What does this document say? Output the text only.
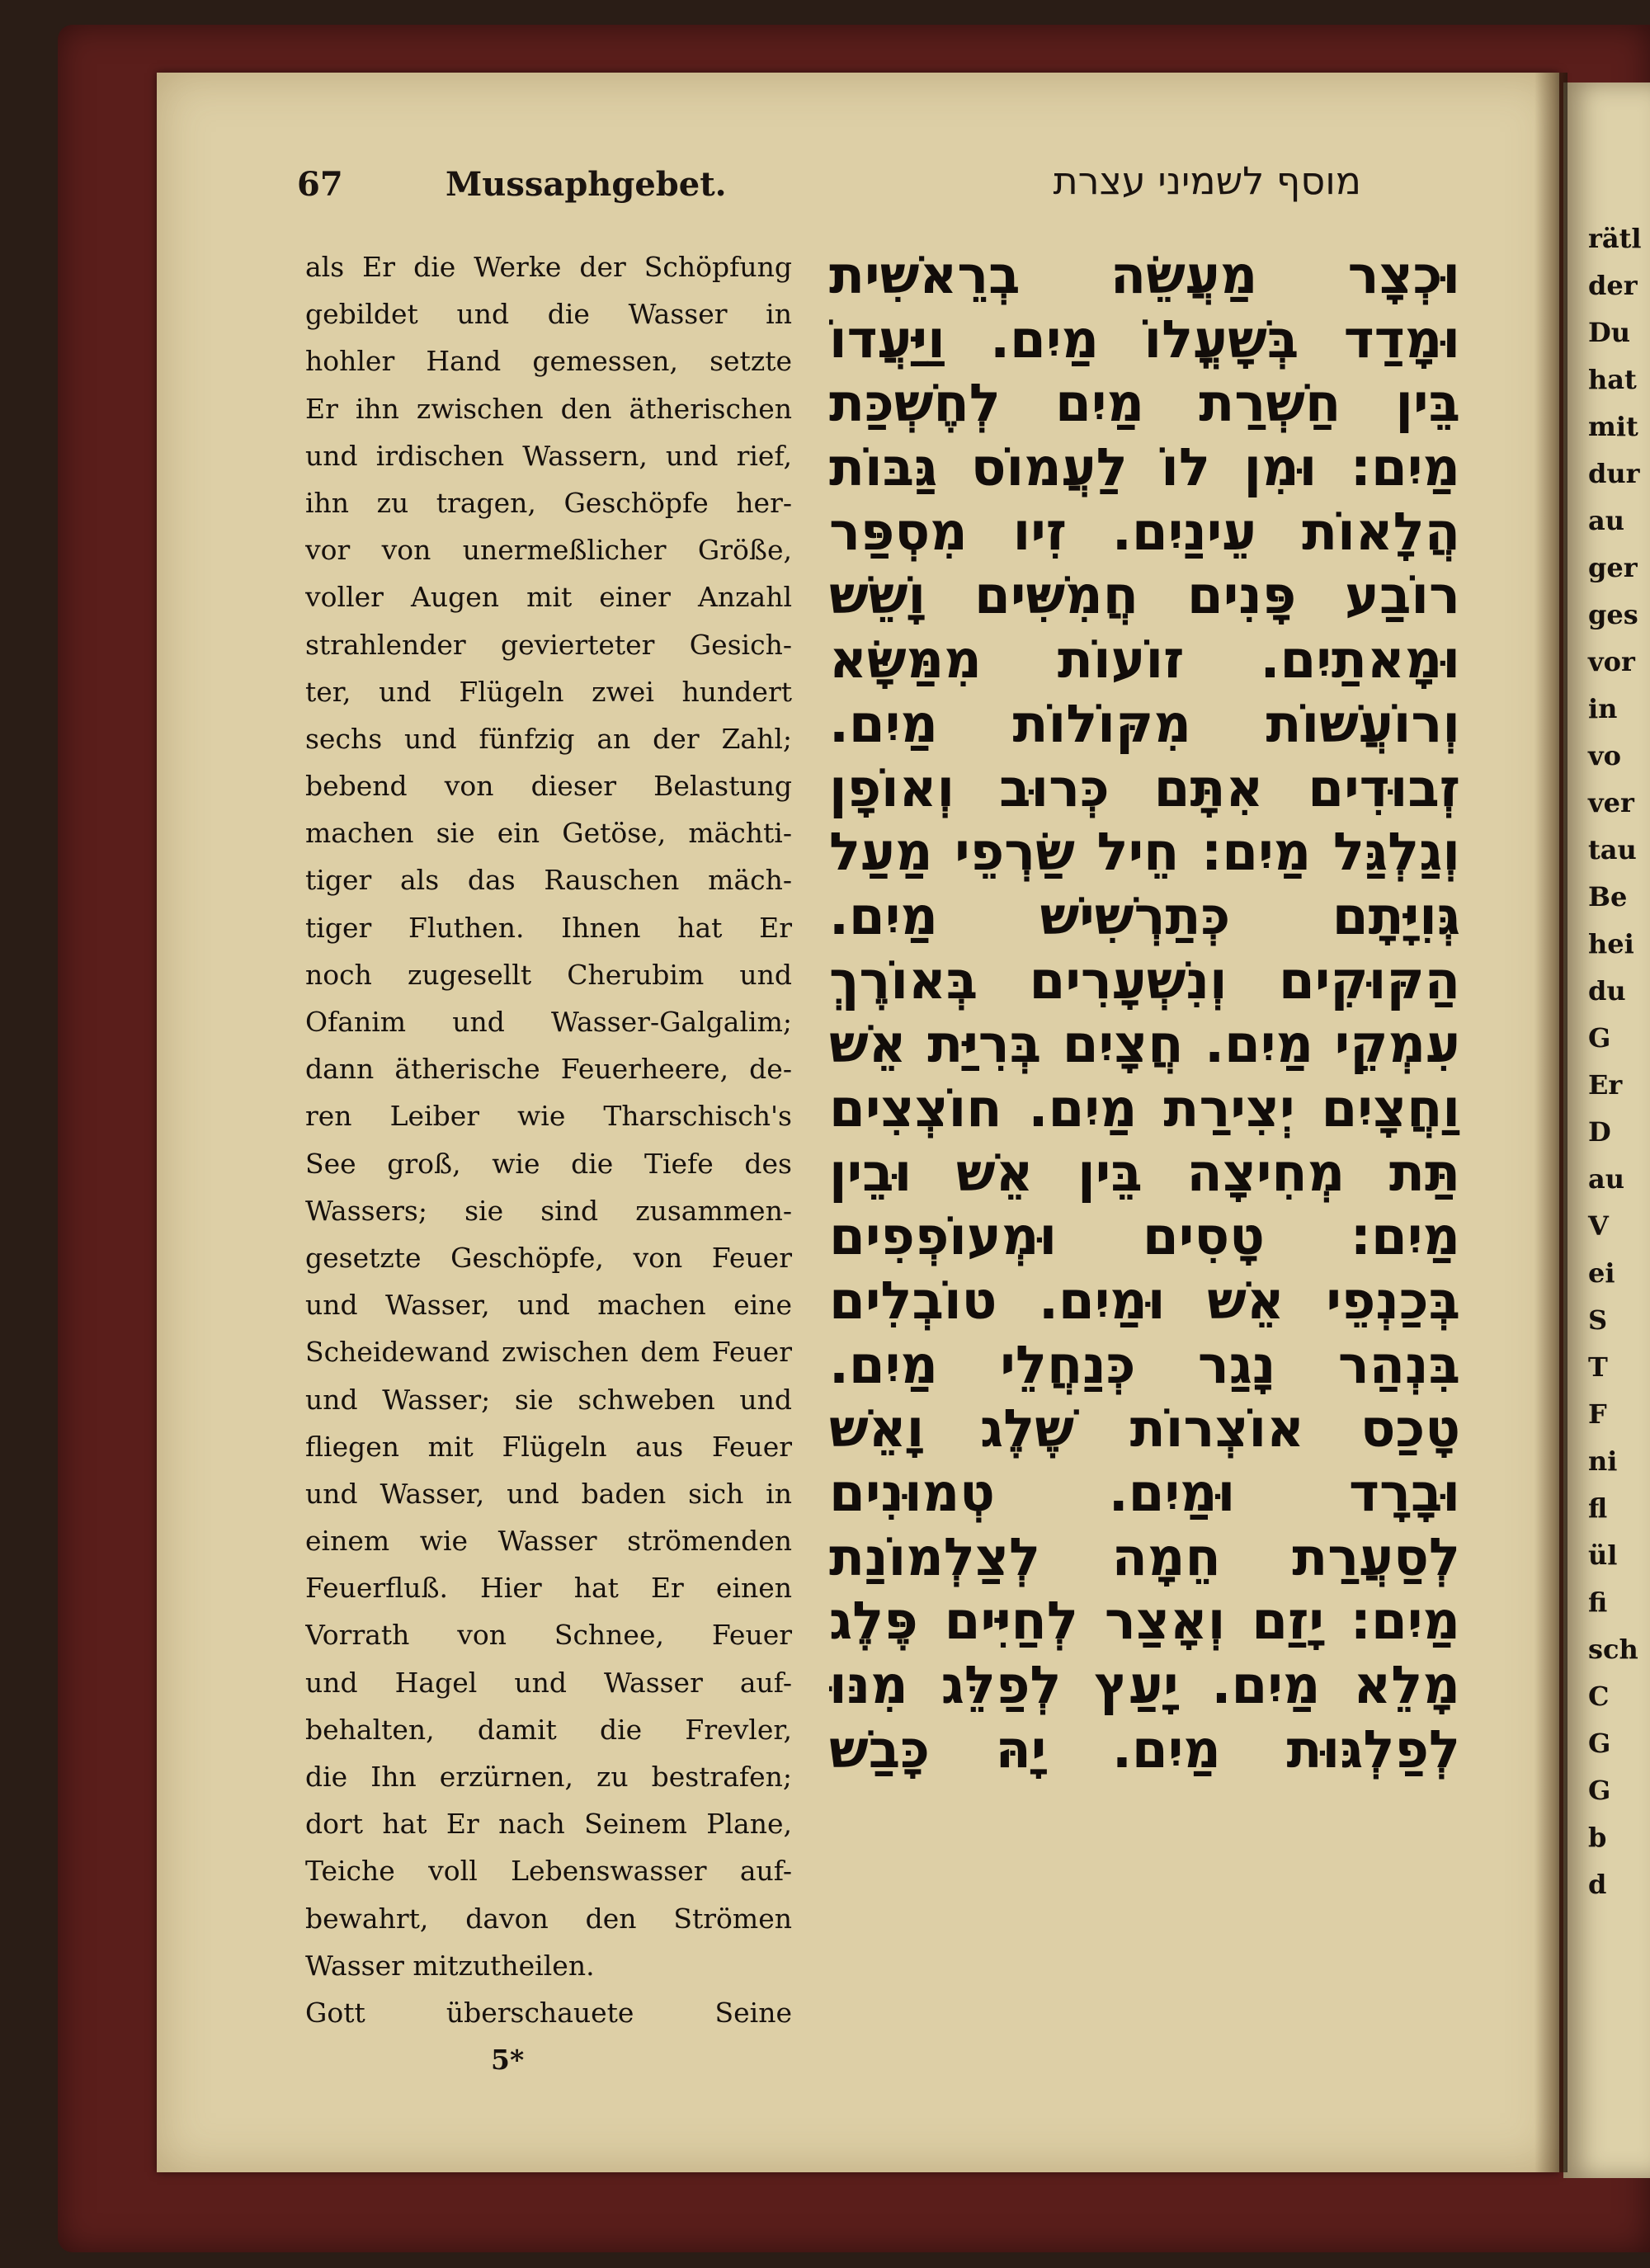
rätl
der
Du
hat
mit
dur
au
ger
ges
vor
in
vo
ver
tau
Be
hei
du
G
Er
D
au
V
ei
S
T
F
ni
fl
ül
fi
sch
C
G
G
b
d
67	Mussaphgebet.	מוסף לשמיני עצרת
als Er die Werke der Schöpfung
gebildet und die Wasser in
hohler Hand gemessen, setzte
Er ihn zwischen den ätherischen
und irdischen Wassern, und rief,
ihn zu tragen, Geschöpfe her-
vor von unermeßlicher Größe,
voller Augen mit einer Anzahl
strahlender gevierteter Gesich-
ter, und Flügeln zwei hundert
sechs und fünfzig an der Zahl;
bebend von dieser Belastung
machen sie ein Getöse, mächti-
tiger als das Rauschen mäch-
tiger Fluthen. Ihnen hat Er
noch zugesellt Cherubim und
Ofanim und Wasser-Galgalim;
dann ätherische Feuerheere, de-
ren Leiber wie Tharschisch's
See groß, wie die Tiefe des
Wassers; sie sind zusammen-
gesetzte Geschöpfe, von Feuer
und Wasser, und machen eine
Scheidewand zwischen dem Feuer
und Wasser; sie schweben und
fliegen mit Flügeln aus Feuer
und Wasser, und baden sich in
einem wie Wasser strömenden
Feuerfluß. Hier hat Er einen
Vorrath von Schnee, Feuer
und Hagel und Wasser auf-
behalten, damit die Frevler,
die Ihn erzürnen, zu bestrafen;
dort hat Er nach Seinem Plane,
Teiche voll Lebenswasser auf-
bewahrt, davon den Strömen
Wasser mitzutheilen.
Gott überschauete Seine
5*
וּכְצָר מַעֲשֵׂה בְרֵאשִׁית
וּמָדַד בְּשָׁעֳלוֹ מַיִם. וַיַּעֲדוֹ
בֵּין חַשְׁרַת מַיִם לְחֶשְׁכַּת
מַיִם: וּמִן לוֹ לַעֲמוֹס גַּבּוֹת
הֲלָאוֹת עֵינַיִם. זִיו מִסְפַּר
רוֹבַע פָּנִים חֲמִשִּׁים וָשֵׁשׁ
וּמָאתַיִם. זוֹעוֹת מִמַּשָּׂא
וְרוֹעֲשׁוֹת מִקּוֹלוֹת מַיִם.
זְבוּדִים אִתָּם כְּרוּב וְאוֹפָן
וְגַלְגַּל מַיִם: חֵיל שַׂרְפֵי מַעַל
גְּוִיָּתָם כְּתַרְשִׁישׁ מַיִם.
הַקּוּקִים וְנִשְׁעָרִים בְּאוֹרֶךְ
עִמְקֵי מַיִם. חֲצָיִם בְּרִיַּת אֵשׁ
וַחֲצָיִם יְצִירַת מַיִם. חוֹצְצִים
תַּת מְחִיצָה בֵּין אֵשׁ וּבֵין
מַיִם: טָסִים וּמְעוֹפְפִים
בְּכַנְפֵי אֵשׁ וּמַיִם. טוֹבְלִים
בִּנְהַר נָגַר כְּנַחֲלֵי מַיִם.
טָכַס אוֹצְרוֹת שֶׁלֶג וָאֵשׁ
וּבָרָד וּמַיִם. טְמוּנִים
לְסַעֲרַת חֵמָה לְצַלְמוֹנַת
מַיִם: יָזַם וְאָצַר לְחַיִּים פֶּלֶג
מָלֵא מַיִם. יָעַץ לְפַלֵּג מִנּוּ
לְפַלְגּוּת מַיִם. יָהּ כָּבַשׁ
